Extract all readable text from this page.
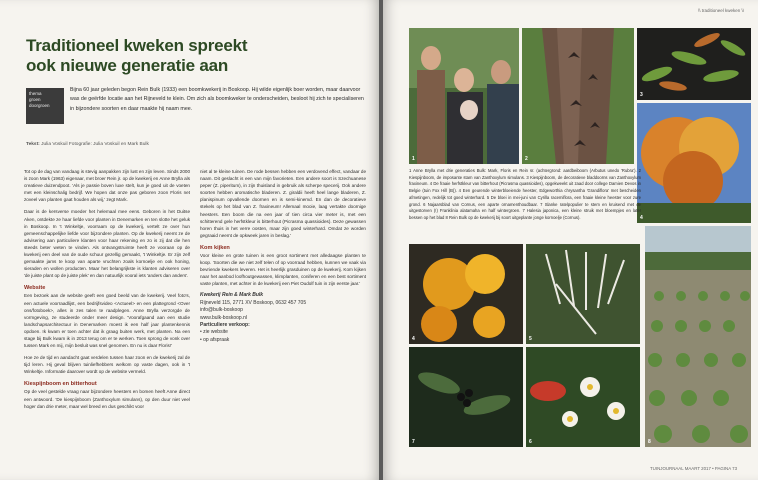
Traditioneel kweken spreekt
ook nieuwe generatie aan
thema
groen
doorgroen
Bijna 60 jaar geleden begon Rein Bulk (1933) een boomkwekerij in Boskoop. Hij wilde eigenlijk boer worden, maar daarvoor was de geërfde locatie aan het Rijneveld te klein. Om zich als boomkweker te onderscheiden, besloot hij zich te specialiseren in bijzondere soorten en daar maakte hij naam mee.
Tekst: Julia Voskuil Fotografie: Julia Voskuil en Mark Bulk

Tot op de dag van vandaag is stevig aanpakken zijn lust en zijn leven. Sinds 2000 is zoon Mark (1963) eigenaar, met broer Rein jr. op de kwekerij en Anne Brylla als creatieve duizendpoot. 'Als je passie boven luxe stelt, kun je goed uit de voeten met een kleinschalig bedrijf. We hopen dat onze pas geboren zoon Floris net zoveel van planten gaat houden als wij,' zegt Mark.

Daar is de kersverse moeder het helemaal mee eens. Geboren in het Duitse Aken, ontdekte ze haar liefde voor planten in Denemarken en ten slotte het geluk in Boskoop. In 't Winkeltje, voorraam op de kwekerij, vertelt ze over hun gemeenschappelijke liefde voor bijzondere planten. Op de kwekerij neemt ze de advisering aan particuliere klanten voor haar rekening en zo is zij dat die hen steeds beter weten te vinden. Als ontvangstruimte heeft ze vooraan op de kwekerij een deel van de oude schuur gezellig gemaakt, 't Winkeltje. Er zijn zelf gemaakte jams te koop van aparte vruchten zoals kornoelje en ook honing, sieraden en wollen producten. Maar het belangrijkste is klanten adviseren over 'de juiste plant op de juiste plek' en dan natuurlijk vooral iets 'anders dan anders'.

Website

Een bezoek aan de website geeft een goed beeld van de kwekerij. Veel foto's, een actuele voorraadlijst, een bedrijfsvideo <Actueel> en een plattegrond <Over ons/fotoboek>, alles in zes talen te raadplegen. Anne Brylla verzorgde de vormgeving, ze studeerde onder meer design. 'Voorafgaand aan een studie landschapsarchitectuur in Denemarken moest ik een half jaar plantenkennis opdoen. Ik kwam er toen achter dat ik graag buiten werk, met planten. Na een stage bij Bulk kwam ik in 2013 terug om er te werken. Toen sprong de vonk over tussen Mark en mij, mijn besluit was snel genomen. En nu is daar Floris!'

Hoe ze de tijd en aandacht gaat verdelen tussen haar zoon en de kwekerij zal de tijd leren. Hij geval blijven tuinliefhebbers welkom op vaste dagen, ook in 't Winkeltje. Informatie daarover wordt op de website vermeld.

Kiespijnboom en bitterhout

Op de veel gestelde vraag naar bijzondere heesters en bomen heeft Anne direct een antwoord. 'De kiespijnboom (Zanthoxylum simulans), op den duur niet veel hoger dan drie meter, maar wel breed en dus geschikt voor

niet al te kleine tuinen. De rode bessen hebben een verdovend effect, vandaar de naam. Dit geslacht is een van mijn favorieten. Een andere soort is Szechuanese peper (Z. piperitum), in zijn thuisland in gebruik als scherpe specerij. Ook andere soorten hebben aromatische bladeren. Z. giraldii heeft heel lange bladeren, Z. planispinum opvallende doornen en is semi-kinemd. En dan de decoratieve stekels op het blad van Z. fraxineum! Allemaal mooie, laag vertakte doornige heesters. Een boom die na een jaar of tien circa vier meter is, met een schitterend gele herfstkleur is bitterhout (Picrasma quassioides). Deze gewassen horen thuis in het verre oosten, maar zijn goed winterhard. Omdat ze worden gegraaid neemt de opkweek jaren in beslag.'

Kom kijken

Voor kleine en grote tuinen is een groot sortiment met alledaagse planten te koop. 'Soorten die we niet zelf telen of op voorraad hebben, kunnen we vaak via bevriende kwekers leveren. Het is heerlijk grasduinen op de kwekerij. Kom kijken naar het aanbod loofhoutgewassen, klimplanten, coniferen en een best sortiment vaste planten, met achter in de kwekerij een Piet Oudolf tuin in zijn eerste jaar.'

Kwekerij Rein & Mark Bulk
Rijneveld 115, 2771 XV Boskoop, 0632 457 705
info@bulk-boskoop
www.bulk-boskoop.nl
Particuliere verkoop:
• zie website
• op afspraak
\\ traditioneel kweken \\
1	2
3
4
4	5
7	6	8
1 Anne Brylla met drie generaties Bulk: Mark, Floris en Rein sr. (achtergrond: aardbeiboom (Arbutus unedo 'Rubra'). 2 Kiespijnboom, de imposante stam van Zanthoxylum simulans. 3 Kiespijnboom, de decoratieve bladdoorns van Zanthoxylum fraxineum. 4 De fraaie herfstkleur van bitterhout (Picrasma quassioides), opgekweekt uit zaad door college Damien Devos in Belgie (tuin Fox Hill (B)). 4 Een geurende winterbloeiende heester, Edgeworthia chrysantha 'Grandiflora' met bescheiden afmetingen, redelijk tot goed winterhard. 5 De bloei in mei-juni van Cyrilla racemiflora, een fraaie kleine heester voor zure grond. 6 Najaarsblad van Cornus, een aparte ornamenthoudbaar. 7 Slanke ratelpopulier te stem en kruisend met de uitgestorven (!) Franklinia alatamaha en half wintergroen. 7 Halesia japonica, een kleine struik met bloempjes en later bessen op het blad 8 Rein Bulk op de kwekerij bij soort uitgeplante jonge kornoelje (Cornus).
TUINJOURNAAL MAART 2017 • PAGINA 73
